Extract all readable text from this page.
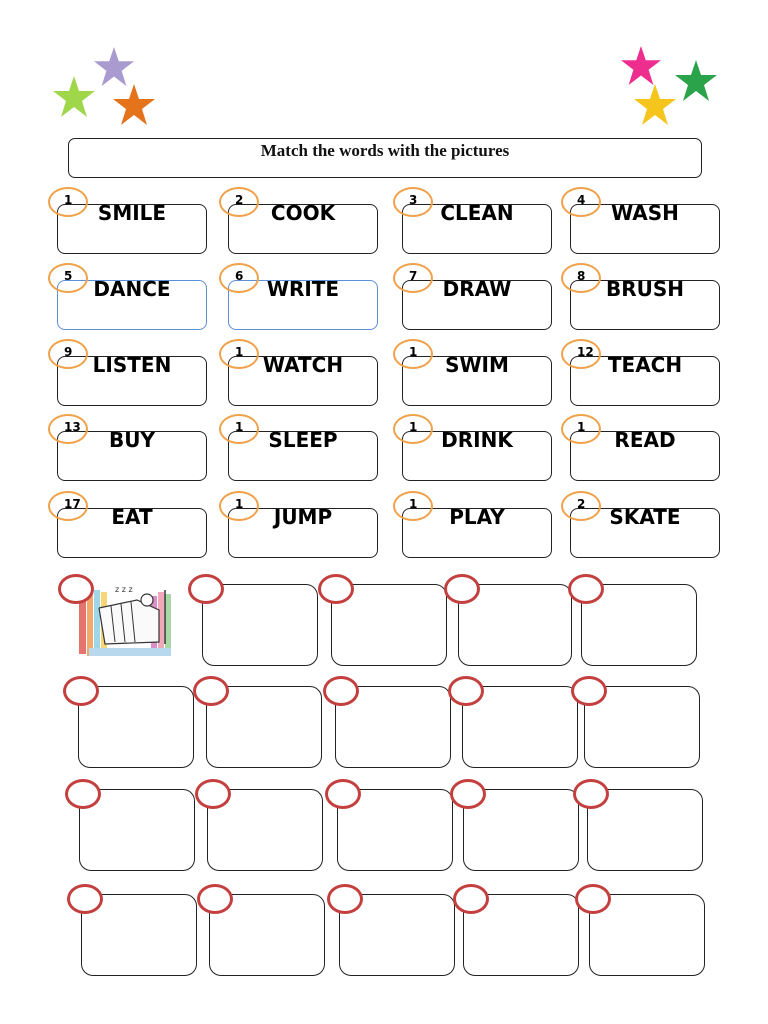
Match the words with the pictures
SMILE
1
COOK
2
CLEAN
3
WASH
4
DANCE
5
WRITE
6
DRAW
7
BRUSH
8
LISTEN
9
WATCH
1
SWIM
1
TEACH
12
BUY
13
SLEEP
1
DRINK
1
READ
1
EAT
17
JUMP
1
PLAY
1
SKATE
2
z z z
